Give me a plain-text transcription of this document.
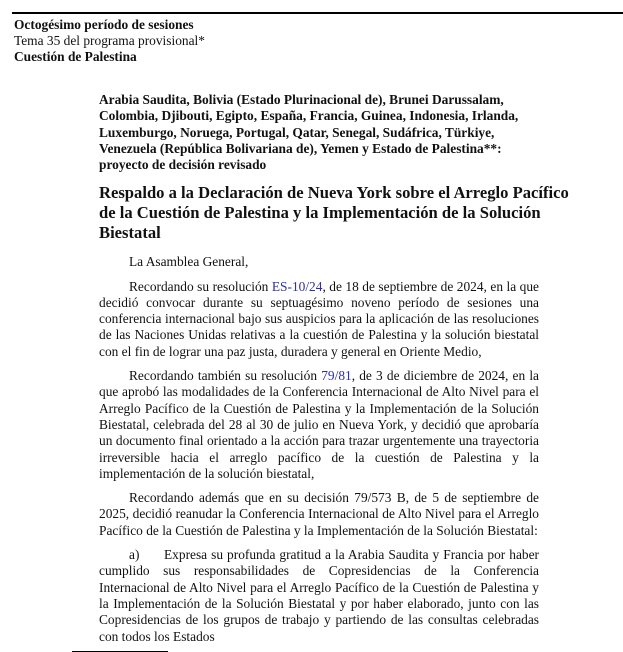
Octogésimo período de sesiones
Tema 35 del programa provisional*
Cuestión de Palestina
Arabia Saudita, Bolivia (Estado Plurinacional de), Brunei Darussalam, Colombia, Djibouti, Egipto, España, Francia, Guinea, Indonesia, Irlanda, Luxemburgo, Noruega, Portugal, Qatar, Senegal, Sudáfrica, Türkiye, Venezuela (República Bolivariana de), Yemen y Estado de Palestina**: proyecto de decisión revisado
Respaldo a la Declaración de Nueva York sobre el Arreglo Pacífico de la Cuestión de Palestina y la Implementación de la Solución Biestatal

La Asamblea General,

Recordando su resolución ES-10/24, de 18 de septiembre de 2024, en la que decidió convocar durante su septuagésimo noveno período de sesiones una conferencia internacional bajo sus auspicios para la aplicación de las resoluciones de las Naciones Unidas relativas a la cuestión de Palestina y la solución biestatal con el fin de lograr una paz justa, duradera y general en Oriente Medio,

Recordando también su resolución 79/81, de 3 de diciembre de 2024, en la que aprobó las modalidades de la Conferencia Internacional de Alto Nivel para el Arreglo Pacífico de la Cuestión de Palestina y la Implementación de la Solución Biestatal, celebrada del 28 al 30 de julio en Nueva York, y decidió que aprobaría un documento final orientado a la acción para trazar urgentemente una trayectoria irreversible hacia el arreglo pacífico de la cuestión de Palestina y la implementación de la solución biestatal,

Recordando además que en su decisión 79/573 B, de 5 de septiembre de 2025, decidió reanudar la Conferencia Internacional de Alto Nivel para el Arreglo Pacífico de la Cuestión de Palestina y la Implementación de la Solución Biestatal:

a) Expresa su profunda gratitud a la Arabia Saudita y Francia por haber cumplido sus responsabilidades de Copresidencias de la Conferencia Internacional de Alto Nivel para el Arreglo Pacífico de la Cuestión de Palestina y la Implementación de la Solución Biestatal y por haber elaborado, junto con las Copresidencias de los grupos de trabajo y partiendo de las consultas celebradas con todos los Estados
